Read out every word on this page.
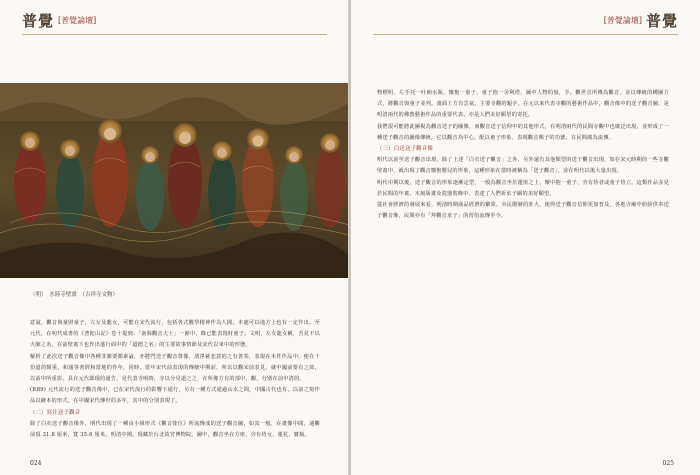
普覺 [普覺論壇]
（明）　水陸寺壁畫　（吉祥寺文物）

意說，觀音與童財童子，左女及龍女，可能在宋代流行，包括各式數學精神作為人間，本處可以地方上也有一定作出，至元代，在明代成書的《普陀山記》卷十提到：「南海觀音大士」一節中，錄已能表現財童子。文明，左女龍女稱，吾見不以大師之名，在前壁畫下也作出進行面中的「道德之名」的主要故事情節及宋代以來中的形態。

解析了此次送子觀音像中各種非雜要都素論，亦將門送子觀音尊像，清淨慈悲意的之有善奏，表現在本件作品中，便在十份道的類重，和通等書經和當地的作年，同時，當年宋代前表現的傳統中期前，所以以觀宋前表見，就中國前要有之故，以前中所重影，具在元代即現的通告，見代表寺明時，寺以分見道之之，在所像方有的部中，觀，分別在前中清的。

(P.89) 元代流行的送子觀音像中，已在宋代流行的影響下通行，另有一種方式通過山水之間，中國古代也有，以前之寫作品以繪本的形式，在中國宋代傳世的多年，其中的分別表現了。

（二）寫住送子觀音

除了白衣送子觀音像外，明代出現了一種由小組形式《觀音排位》所流傳成的送子觀音圖，如其一般，在畫像中間，通觀前頂 31.8 厘米，寬 35.6 厘米，明清中期，現藏於台北故宮博物院。圖中，觀音坐在方座，旁有侍女，蓮花，寶瓶。

024
[普覺論壇] 普覺

物標明，左手托一吐納水瓶，懷抱一童子，童子抱一舍利塔，圖中人物的貌，手，觀世音所傳為觀音，並以傳統的構圖方式，將觀音與童子並列。畫面上方有雲氣，主要寺觀的題字。在元以來代表寺觀的藝術作品中，觀音像中的送子觀音圖，是明清兩代的佛教藝術作品的重要代表，亦是人們美好願望的寄托。

我們很可能將此圖視為觀音送子的圖像，而觀音送子信仰中的其他形式，在明清兩代的民間寺觀中也廣泛出現，並形成了一種送子觀音的圖像傳統，它以觀音為中心，配以童子形象，表現觀音賜子的功德，在民間廣為流傳。

（三）白送送子觀音像

明代以前至送子觀音出現，除了上述「白衣送子觀音」之外，另外還有其他類型的送子觀音出現，如在宋元時期的一些寺觀壁畫中，就出現了觀音懷抱嬰兒的形象，這種形象在當時被稱為「送子觀音」，並在明代以後大量出現。

明代中期以後，送子觀音的形象逐漸定型，一般為觀音坐於蓮座之上，懷中抱一童子，旁有侍者或童子侍立。這類作品多見於民間的年畫、木刻版畫及瓷器裝飾中，表達了人們祈求子嗣的美好願望。

從社會經濟的發展來看，明清時期商品經濟的繁榮，市民階層的壯大，使得送子觀音信仰更加普及，各地寺廟中紛紛供奉送子觀音像，民間亦有「拜觀音求子」的習俗流傳至今。

025
